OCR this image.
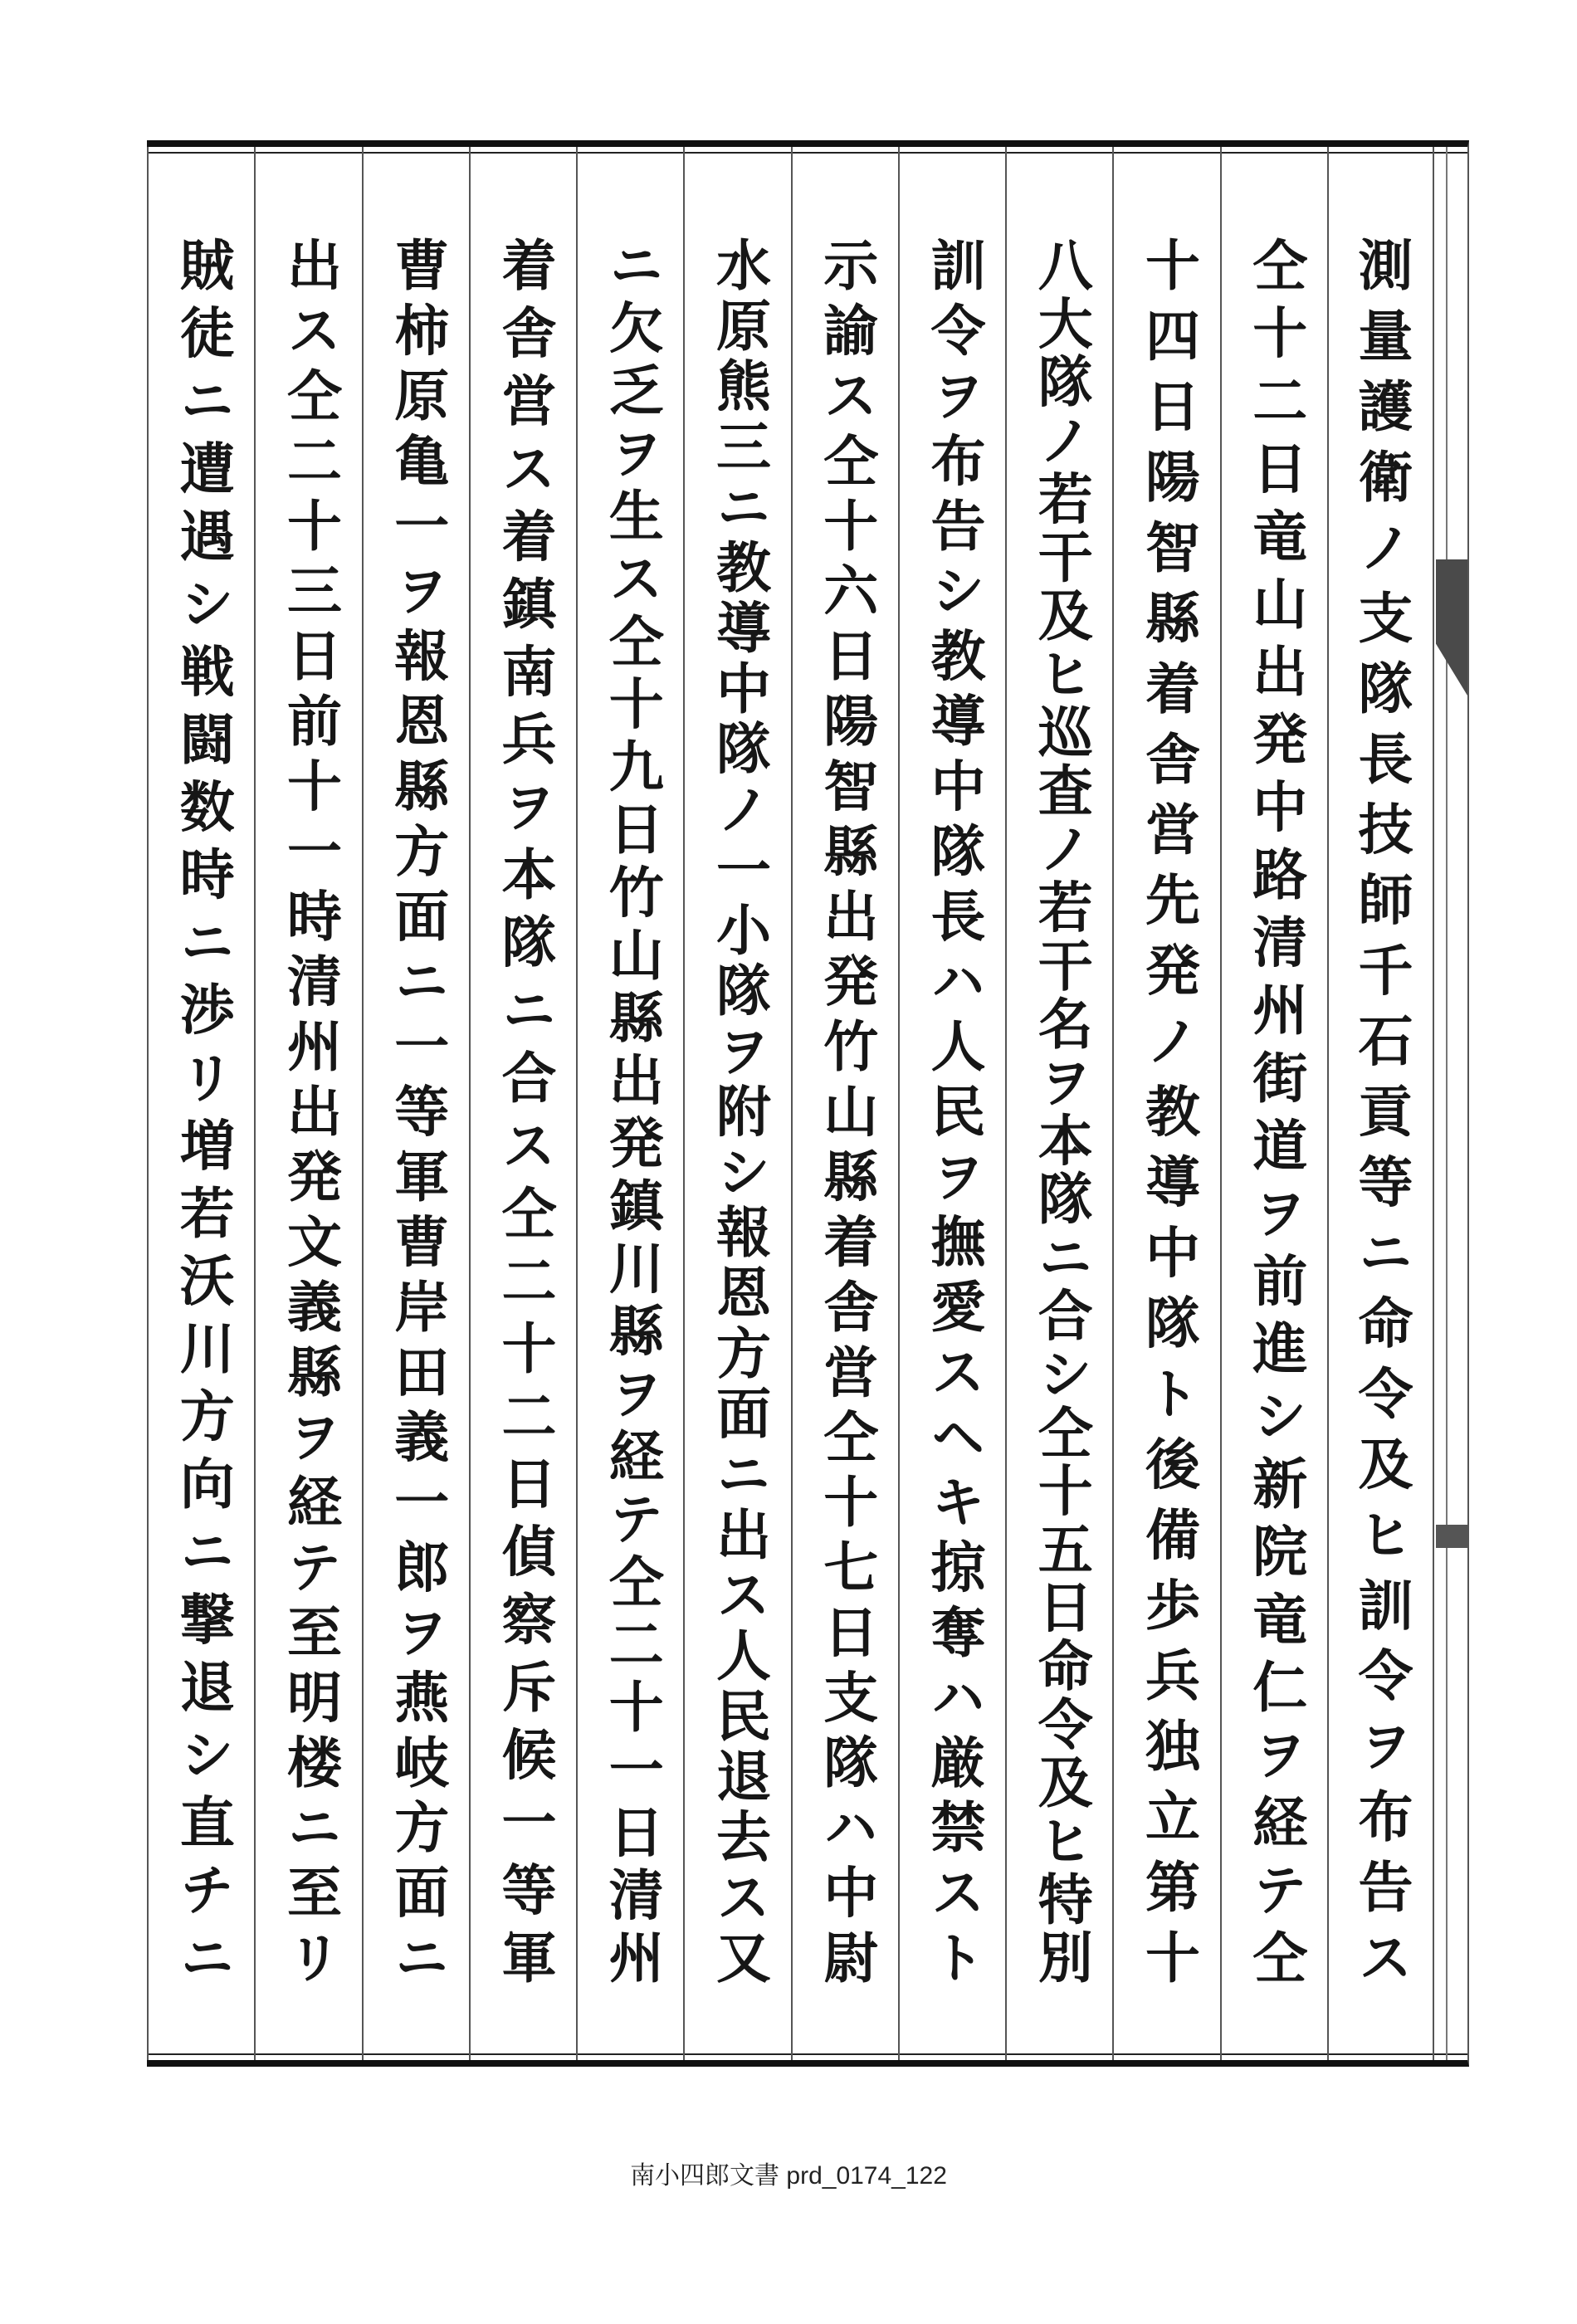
測量護衛ノ支隊長技師千石貢等ニ命令及ヒ訓令ヲ布告ス
仝十二日竜山出発中路清州街道ヲ前進シ新院竜仁ヲ経テ仝
十四日陽智縣着舎営先発ノ教導中隊ト後備歩兵独立第十
八大隊ノ若干及ヒ巡査ノ若干名ヲ本隊ニ合シ仝十五日命令及ヒ特別
訓令ヲ布告シ教導中隊長ハ人民ヲ撫愛スヘキ掠奪ハ厳禁スト
示諭ス仝十六日陽智縣出発竹山縣着舎営仝十七日支隊ハ中尉
水原熊三ニ教導中隊ノ一小隊ヲ附シ報恩方面ニ出ス人民退去ス又
ニ欠乏ヲ生ス仝十九日竹山縣出発鎮川縣ヲ経テ仝二十一日清州
着舎営ス着鎮南兵ヲ本隊ニ合ス仝二十二日偵察斥候一等軍
曹柿原亀一ヲ報恩縣方面ニ一等軍曹岸田義一郎ヲ燕岐方面ニ
出ス仝二十三日前十一時清州出発文義縣ヲ経テ至明楼ニ至リ
賊徒ニ遭遇シ戦闘数時ニ渉リ増若沃川方向ニ撃退シ直チニ
南小四郎文書 prd_0174_122
